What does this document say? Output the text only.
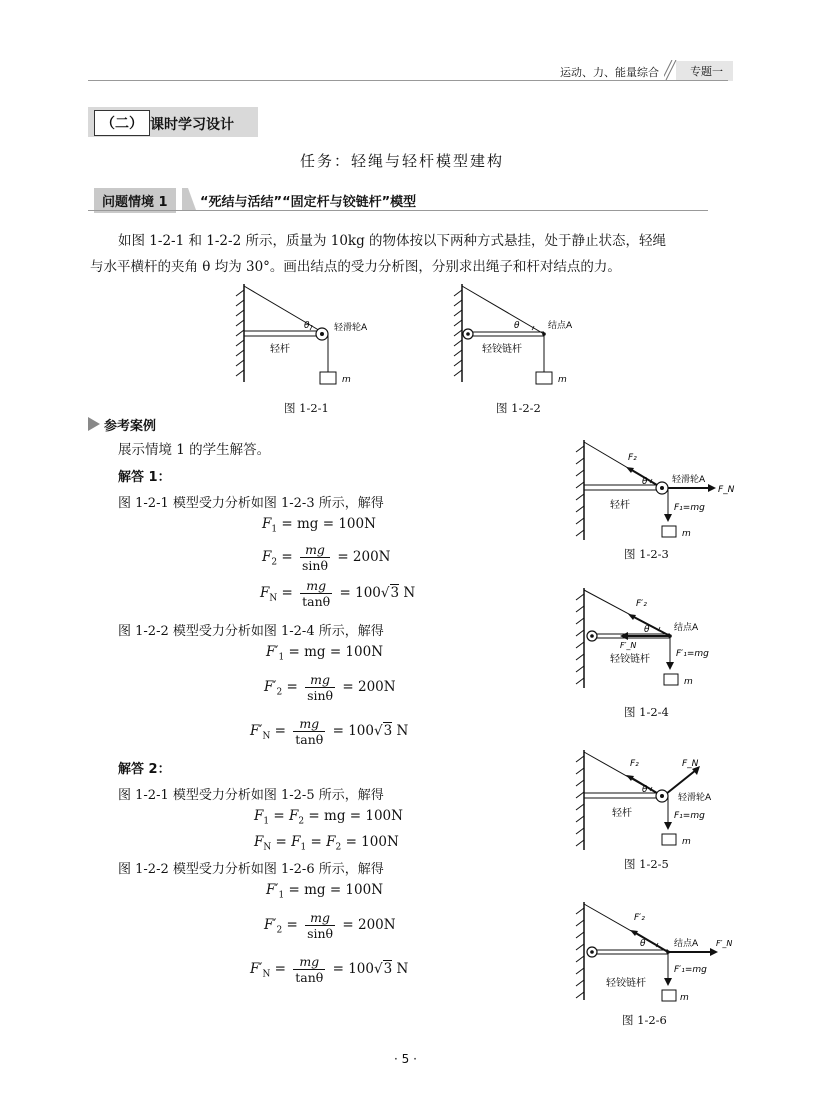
运动、力、能量综合	专题一
（二） 课时学习设计
任务：轻绳与轻杆模型建构
问题情境 1	“死结与活结”“固定杆与铰链杆”模型
如图 1-2-1 和 1-2-2 所示，质量为 10kg 的物体按以下两种方式悬挂，处于静止状态，轻绳
与水平横杆的夹角 θ 均为 30°。画出结点的受力分析图，分别求出绳子和杆对结点的力。
θ	轻滑轮A
轻杆
m
图 1-2-1
θ	结点A
轻铰链杆
m
图 1-2-2
参考案例
展示情境 1 的学生解答。
解答 1：
图 1-2-1 模型受力分析如图 1-2-3 所示，解得
$F_1$ = mg = 100N
$F_2 = \frac{mg}{\sin\theta} = 200N$
$F_N = \frac{mg}{\tan\theta} = 100√3$ N
图 1-2-2 模型受力分析如图 1-2-4 所示，解得
$F'_1$ = mg = 100N
$F'_2 = \frac{mg}{\sin\theta} = 200N$
$F'_N = \frac{mg}{\tan\theta} = 100√3$ N
解答 2：
图 1-2-1 模型受力分析如图 1-2-5 所示，解得
$F_1 = F_2$ = mg = 100N
$F_N = F_1 = F_2 = 100N$
图 1-2-2 模型受力分析如图 1-2-6 所示，解得
$F'_1$ = mg = 100N
$F'_2 = \frac{mg}{\sin\theta} = 200N$
$F'_N = \frac{mg}{\tan\theta} = 100√3$ N
θ
F₂
轻滑轮A
F_N
轻杆	F₁=mg
m
图 1-2-3
θ
F′₂
结点A
F′_N
轻铰链杆	F′₁=mg
m
图 1-2-4
θ
F₂	F_N
轻滑轮A
轻杆	F₁=mg
m
图 1-2-5
θ
F′₂
结点A F′_N
轻铰链杆
F′₁=mg
m
图 1-2-6
· 5 ·
